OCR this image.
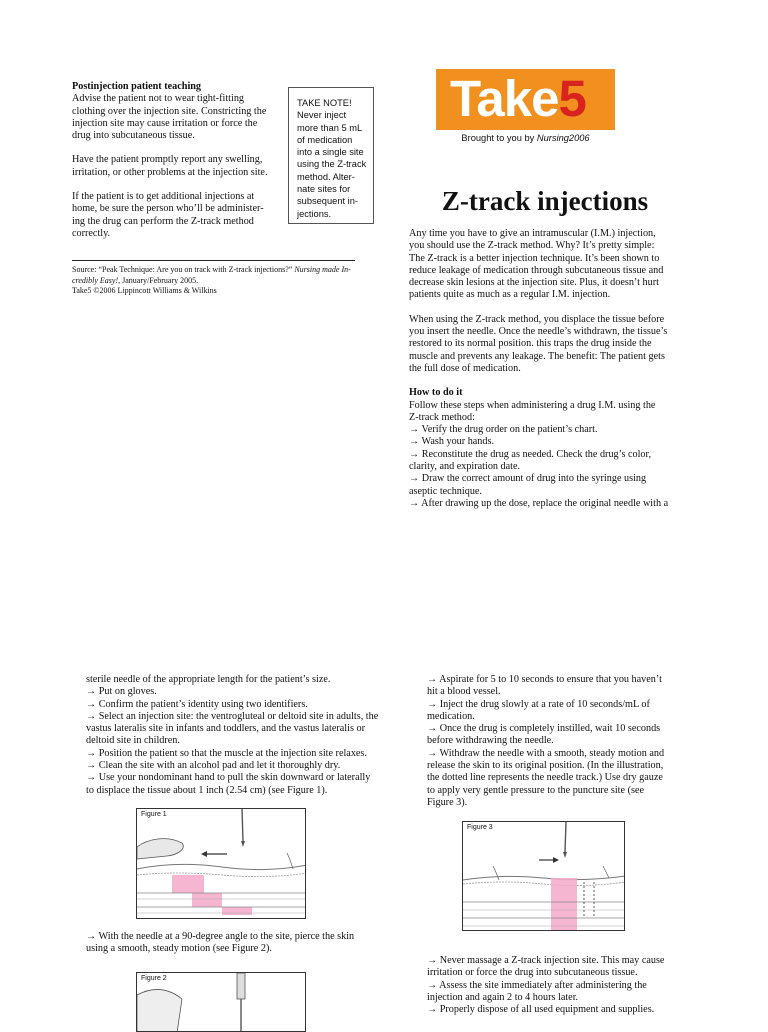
Postinjection patient teaching
Advise the patient not to wear tight-fitting
clothing over the injection site. Constricting the
injection site may cause irritation or force the
drug into subcutaneous tissue.
Have the patient promptly report any swelling,
irritation, or other problems at the injection site.
If the patient is to get additional injections at
home, be sure the person who’ll be administer-
ing the drug can perform the Z-track method
correctly.
TAKE NOTE!
Never inject
more than 5 mL
of medication
into a single site
using the Z-track
method. Alter-
nate sites for
subsequent in-
jections.
Source: “Peak Technique: Are you on track with Z-track injections?” Nursing made In-
credibly Easy!, January/February 2005.
Take5 ©2006 Lippincott Williams & Wilkins
Take5
Brought to you by Nursing2006
Z-track injections
Any time you have to give an intramuscular (I.M.) injection,
you should use the Z-track method. Why? It’s pretty simple:
The Z-track is a better injection technique. It’s been shown to
reduce leakage of medication through subcutaneous tissue and
decrease skin lesions at the injection site. Plus, it doesn’t hurt
patients quite as much as a regular I.M. injection.
When using the Z-track method, you displace the tissue before
you insert the needle. Once the needle’s withdrawn, the tissue’s
restored to its normal position. this traps the drug inside the
muscle and prevents any leakage. The benefit: The patient gets
the full dose of medication.
How to do it
Follow these steps when administering a drug I.M. using the
Z-track method:
→ Verify the drug order on the patient’s chart.
→ Wash your hands.
→ Reconstitute the drug as needed. Check the drug’s color,
clarity, and expiration date.
→ Draw the correct amount of drug into the syringe using
aseptic technique.
→ After drawing up the dose, replace the original needle with a
sterile needle of the appropriate length for the patient’s size.
→ Put on gloves.
→ Confirm the patient’s identity using two identifiers.
→ Select an injection site: the ventrogluteal or deltoid site in adults, the
vastus lateralis site in infants and toddlers, and the vastus lateralis or
deltoid site in children.
→ Position the patient so that the muscle at the injection site relaxes.
→ Clean the site with an alcohol pad and let it thoroughly dry.
→ Use your nondominant hand to pull the skin downward or laterally
to displace the tissue about 1 inch (2.54 cm) (see Figure 1).
Figure 1
→ With the needle at a 90-degree angle to the site, pierce the skin
using a smooth, steady motion (see Figure 2).
Figure 2
→ Aspirate for 5 to 10 seconds to ensure that you haven’t
hit a blood vessel.
→ Inject the drug slowly at a rate of 10 seconds/mL of
medication.
→ Once the drug is completely instilled, wait 10 seconds
before withdrawing the needle.
→ Withdraw the needle with a smooth, steady motion and
release the skin to its original position. (In the illustration,
the dotted line represents the needle track.) Use dry gauze
to apply very gentle pressure to the puncture site (see
Figure 3).
Figure 3
→ Never massage a Z-track injection site. This may cause
irritation or force the drug into subcutaneous tissue.
→ Assess the site immediately after administering the
injection and again 2 to 4 hours later.
→ Properly dispose of all used equipment and supplies.
